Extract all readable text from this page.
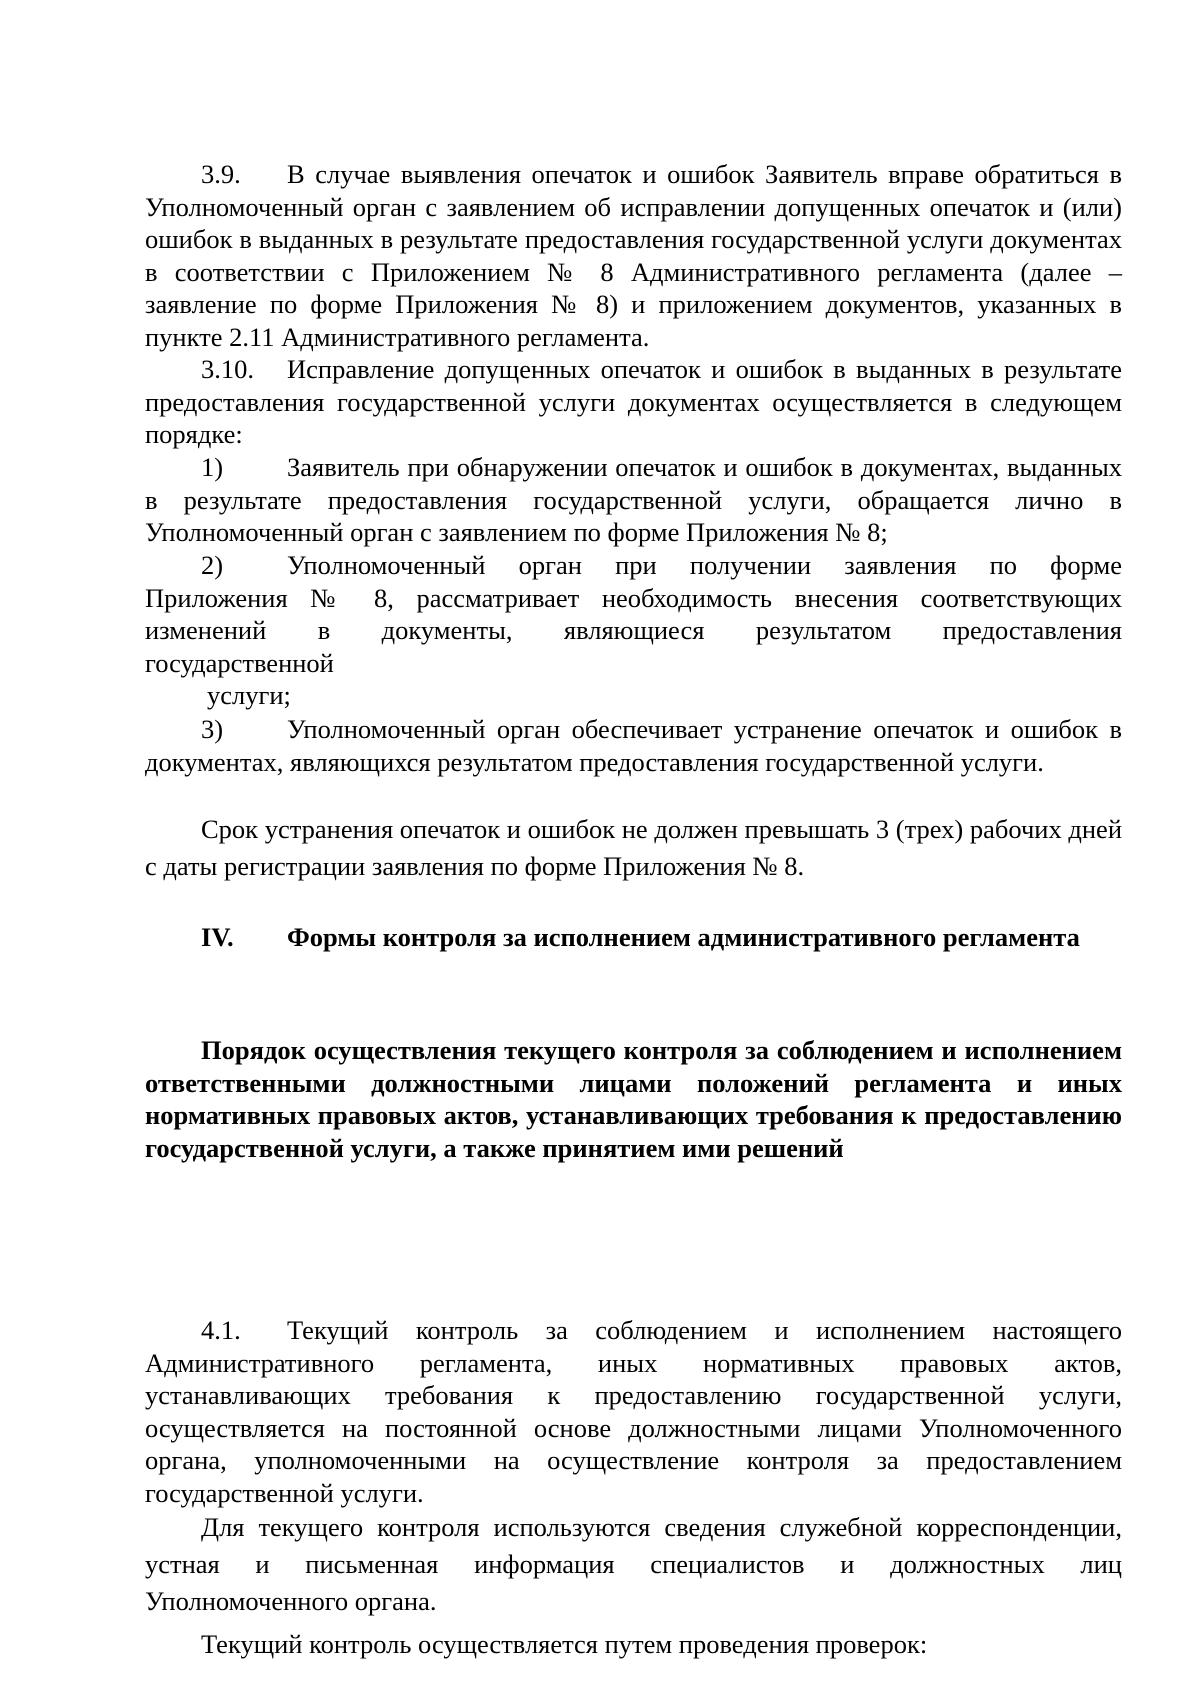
3.9. В случае выявления опечаток и ошибок Заявитель вправе обратиться в Уполномоченный орган с заявлением об исправлении допущенных опечаток и (или) ошибок в выданных в результате предоставления государственной услуги документах в соответствии с Приложением № 8 Административного регламента (далее – заявление по форме Приложения № 8) и приложением документов, указанных в пункте 2.11 Административного регламента.

3.10. Исправление допущенных опечаток и ошибок в выданных в результате предоставления государственной услуги документах осуществляется в следующем порядке:

1) Заявитель при обнаружении опечаток и ошибок в документах, выданных в результате предоставления государственной услуги, обращается лично в Уполномоченный орган с заявлением по форме Приложения № 8;

2) Уполномоченный орган при получении заявления по форме
Приложения № 8, рассматривает необходимость внесения соответствующих
изменений в документы, являющиеся результатом предоставления
государственной
услуги;

3) Уполномоченный орган обеспечивает устранение опечаток и ошибок в документах, являющихся результатом предоставления государственной услуги.

Срок устранения опечаток и ошибок не должен превышать 3 (трех) рабочих дней с даты регистрации заявления по форме Приложения № 8.

IV. Формы контроля за исполнением административного регламента

Порядок осуществления текущего контроля за соблюдением и исполнением ответственными должностными лицами положений регламента и иных нормативных правовых актов, устанавливающих требования к предоставлению государственной услуги, а также принятием ими решений

4.1. Текущий контроль за соблюдением и исполнением настоящего Административного регламента, иных нормативных правовых актов, устанавливающих требования к предоставлению государственной услуги, осуществляется на постоянной основе должностными лицами Уполномоченного органа, уполномоченными на осуществление контроля за предоставлением государственной услуги.

Для текущего контроля используются сведения служебной корреспонденции, устная и письменная информация специалистов и должностных лиц Уполномоченного органа.

Текущий контроль осуществляется путем проведения проверок:
